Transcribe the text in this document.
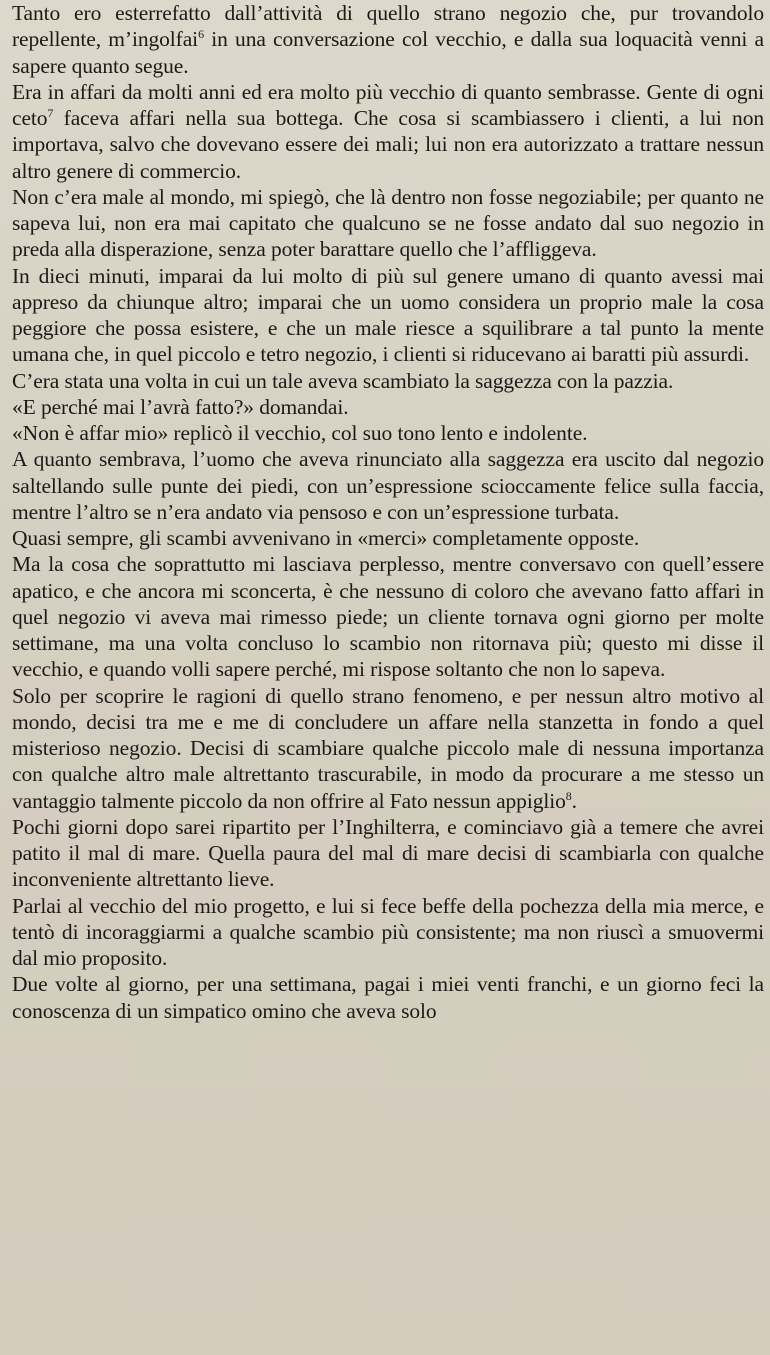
Tanto ero esterrefatto dall’attività di quello strano negozio che, pur trovandolo repellente, m’ingolfai$^6$ in una conversazione col vecchio, e dalla sua loquacità venni a sapere quanto segue.

Era in affari da molti anni ed era molto più vecchio di quanto sembrasse. Gente di ogni ceto$^7$ faceva affari nella sua bottega. Che cosa si scambiassero i clienti, a lui non importava, salvo che dovevano essere dei mali; lui non era autorizzato a trattare nessun altro genere di commercio.

Non c’era male al mondo, mi spiegò, che là dentro non fosse negoziabile; per quanto ne sapeva lui, non era mai capitato che qualcuno se ne fosse andato dal suo negozio in preda alla disperazione, senza poter barattare quello che l’affliggeva.

In dieci minuti, imparai da lui molto di più sul genere umano di quanto avessi mai appreso da chiunque altro; imparai che un uomo considera un proprio male la cosa peggiore che possa esistere, e che un male riesce a squilibrare a tal punto la mente umana che, in quel piccolo e tetro negozio, i clienti si riducevano ai baratti più assurdi.

C’era stata una volta in cui un tale aveva scambiato la saggezza con la pazzia.

«E perché mai l’avrà fatto?» domandai.

«Non è affar mio» replicò il vecchio, col suo tono lento e indolente.

A quanto sembrava, l’uomo che aveva rinunciato alla saggezza era uscito dal negozio saltellando sulle punte dei piedi, con un’espressione scioccamente felice sulla faccia, mentre l’altro se n’era andato via pensoso e con un’espressione turbata.

Quasi sempre, gli scambi avvenivano in «merci» completamente opposte.

Ma la cosa che soprattutto mi lasciava perplesso, mentre conversavo con quell’essere apatico, e che ancora mi sconcerta, è che nessuno di coloro che avevano fatto affari in quel negozio vi aveva mai rimesso piede; un cliente tornava ogni giorno per molte settimane, ma una volta concluso lo scambio non ritornava più; questo mi disse il vecchio, e quando volli sapere perché, mi rispose soltanto che non lo sapeva.

Solo per scoprire le ragioni di quello strano fenomeno, e per nessun altro motivo al mondo, decisi tra me e me di concludere un affare nella stanzetta in fondo a quel misterioso negozio. Decisi di scambiare qualche piccolo male di nessuna importanza con qualche altro male altrettanto trascurabile, in modo da procurare a me stesso un vantaggio talmente piccolo da non offrire al Fato nessun appiglio$^8$.

Pochi giorni dopo sarei ripartito per l’Inghilterra, e cominciavo già a temere che avrei patito il mal di mare. Quella paura del mal di mare decisi di scambiarla con qualche inconveniente altrettanto lieve.

Parlai al vecchio del mio progetto, e lui si fece beffe della pochezza della mia merce, e tentò di incoraggiarmi a qualche scambio più consistente; ma non riuscì a smuovermi dal mio proposito.

Due volte al giorno, per una settimana, pagai i miei venti franchi, e un giorno feci la conoscenza di un simpatico omino che aveva solo
